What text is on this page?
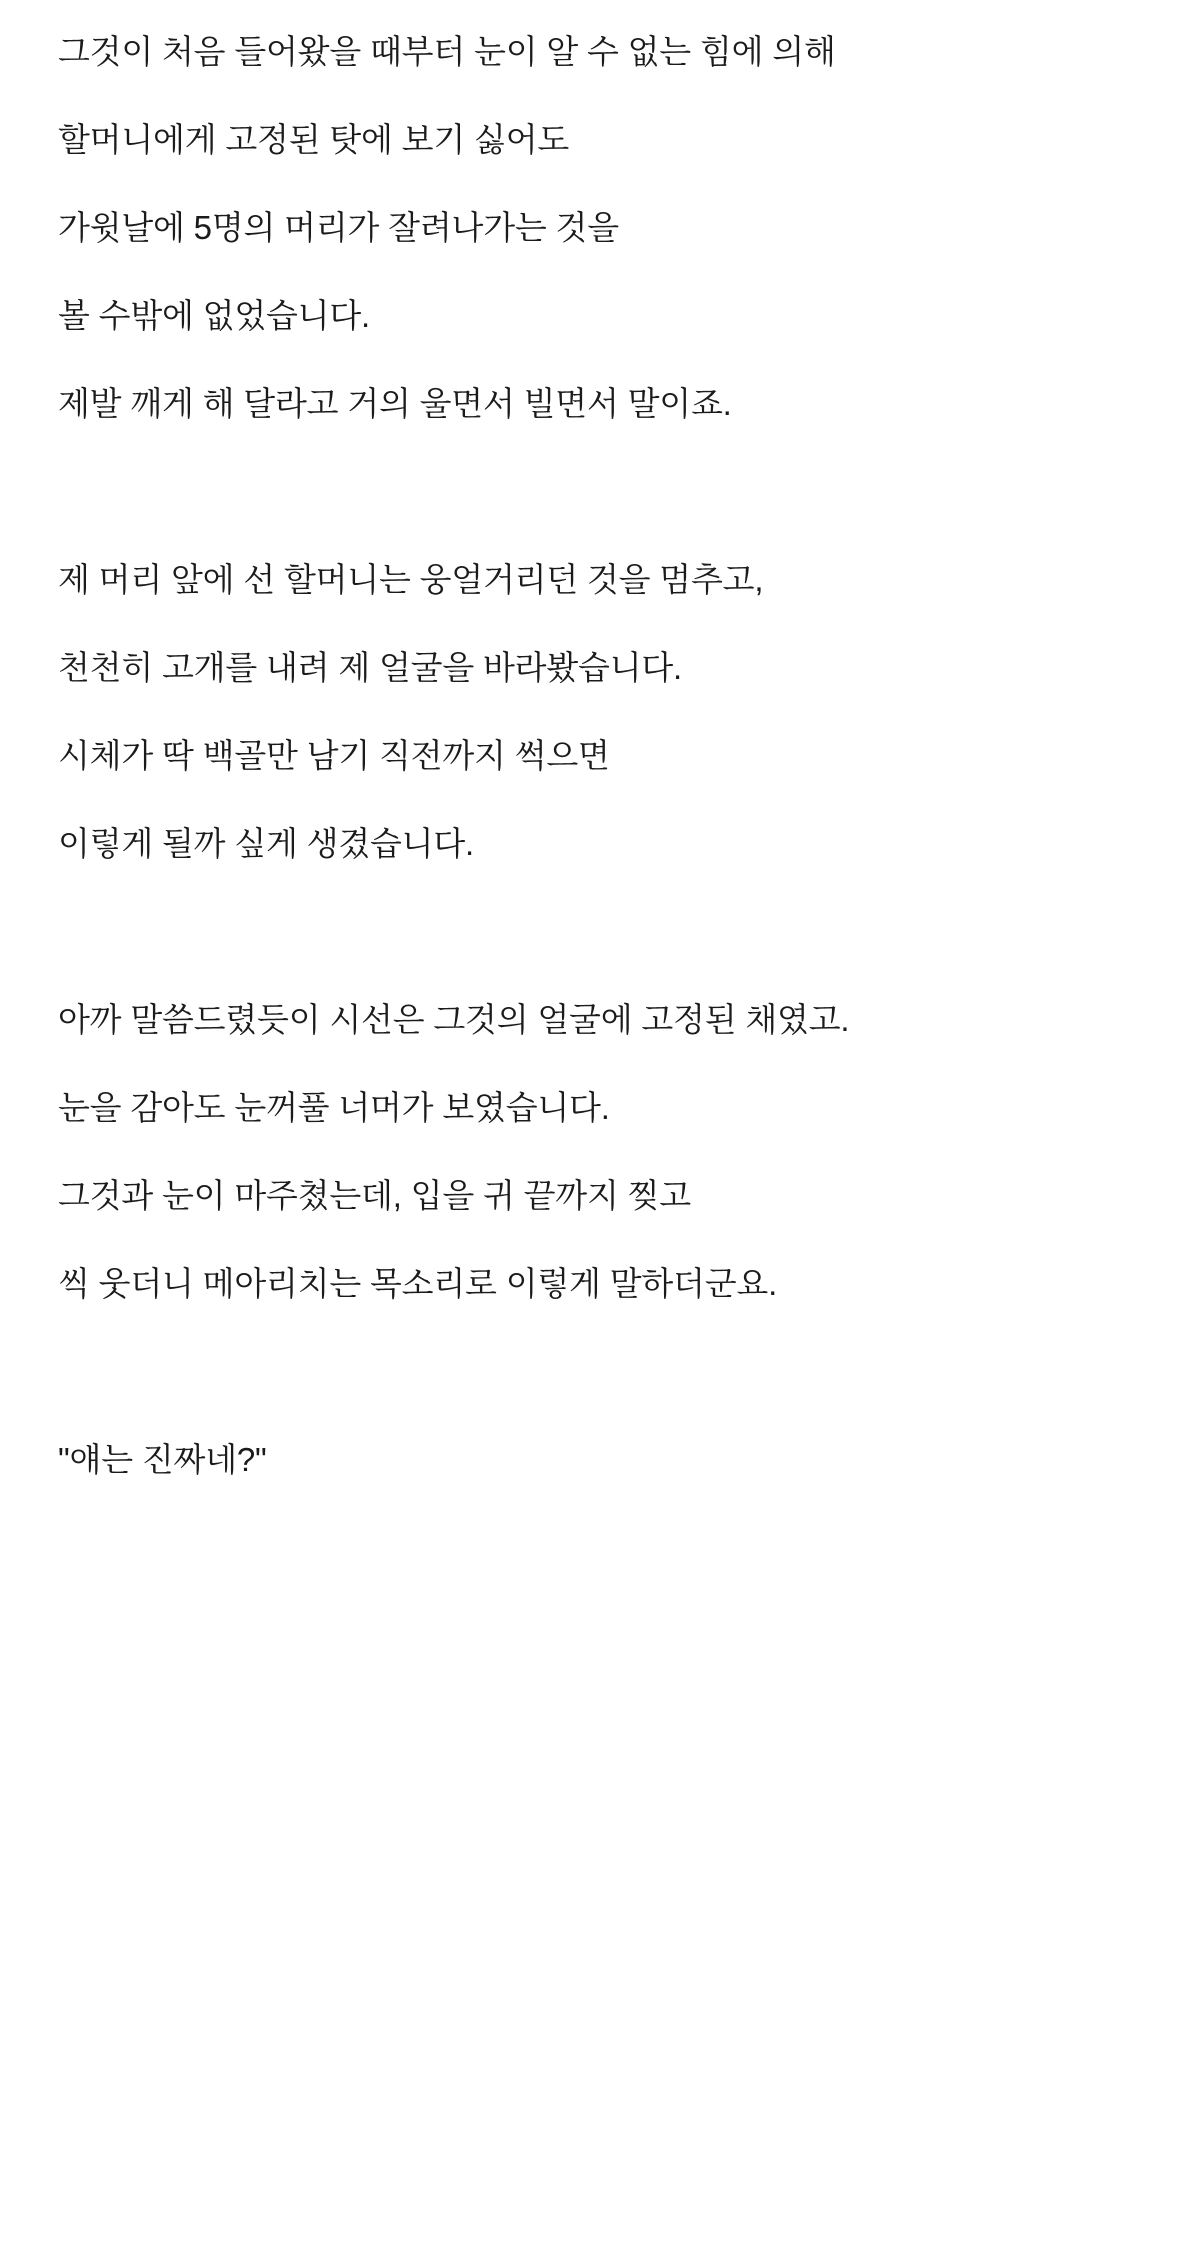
그것이 처음 들어왔을 때부터 눈이 알 수 없는 힘에 의해
할머니에게 고정된 탓에 보기 싫어도
가윗날에 5명의 머리가 잘려나가는 것을
볼 수밖에 없었습니다.
제발 깨게 해 달라고 거의 울면서 빌면서 말이죠.
제 머리 앞에 선 할머니는 웅얼거리던 것을 멈추고,
천천히 고개를 내려 제 얼굴을 바라봤습니다.
시체가 딱 백골만 남기 직전까지 썩으면
이렇게 될까 싶게 생겼습니다.
아까 말씀드렸듯이 시선은 그것의 얼굴에 고정된 채였고.
눈을 감아도 눈꺼풀 너머가 보였습니다.
그것과 눈이 마주쳤는데, 입을 귀 끝까지 찢고
씩 웃더니 메아리치는 목소리로 이렇게 말하더군요.
"얘는 진짜네?"
